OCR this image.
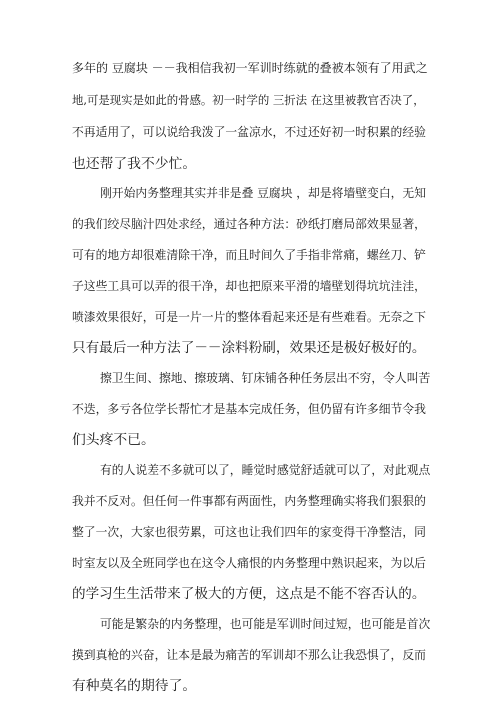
多年的 豆腐块 －－我相信我初一军训时练就的叠被本领有了用武之
地,可是现实是如此的骨感。初一时学的 三折法 在这里被教官否决了，
不再适用了，可以说给我泼了一盆凉水，不过还好初一时积累的经验
也还帮了我不少忙。
刚开始内务整理其实并非是叠 豆腐块 ，却是将墙壁变白，无知
的我们绞尽脑汁四处求经，通过各种方法：砂纸打磨局部效果显著，
可有的地方却很难清除干净，而且时间久了手指非常痛，螺丝刀、铲
子这些工具可以弄的很干净，却也把原来平滑的墙壁划得坑坑洼洼，
喷漆效果很好，可是一片一片的整体看起来还是有些难看。无奈之下
只有最后一种方法了－－涂料粉刷，效果还是极好极好的。
擦卫生间、擦地、擦玻璃、钉床铺各种任务层出不穷，令人叫苦
不迭，多亏各位学长帮忙才是基本完成任务，但仍留有许多细节令我
们头疼不已。
有的人说差不多就可以了，睡觉时感觉舒适就可以了，对此观点
我并不反对。但任何一件事都有两面性，内务整理确实将我们狠狠的
整了一次，大家也很劳累，可这也让我们四年的家变得干净整洁，同
时室友以及全班同学也在这令人痛恨的内务整理中熟识起来，为以后
的学习生生活带来了极大的方便，这点是不能不容否认的。
可能是繁杂的内务整理，也可能是军训时间过短，也可能是首次
摸到真枪的兴奋，让本是最为痛苦的军训却不那么让我恐惧了，反而
有种莫名的期待了。
